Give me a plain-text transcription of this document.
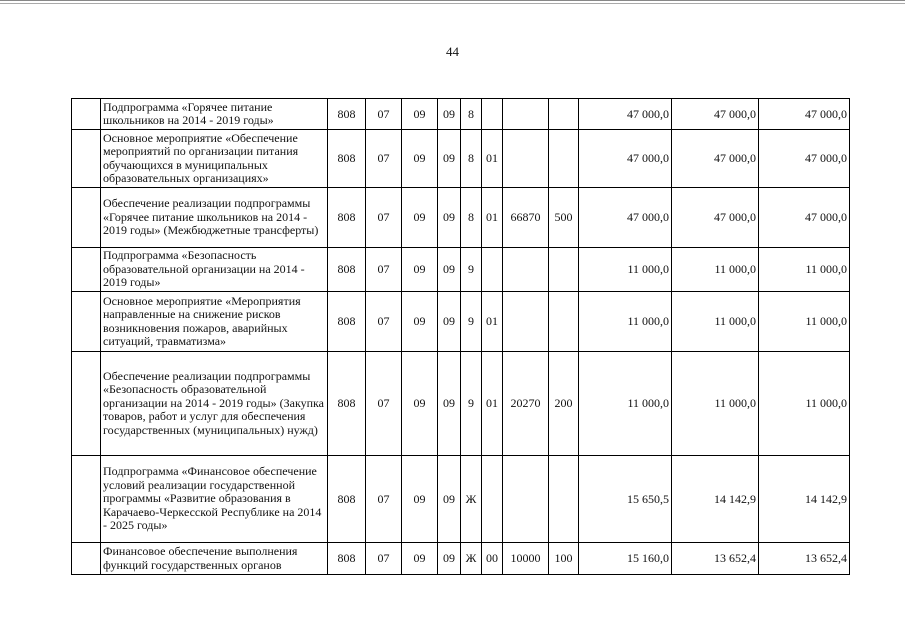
44
	Подпрограмма «Горячее питание школьников на 2014 - 2019 годы»	808	07	09	09	8				47 000,0	47 000,0	47 000,0
	Основное мероприятие «Обеспечение мероприятий по организации питания обучающихся в муниципальных образовательных организациях»	808	07	09	09	8	01			47 000,0	47 000,0	47 000,0
	Обеспечение реализации подпрограммы «Горячее питание школьников на 2014 - 2019 годы» (Межбюджетные трансферты)	808	07	09	09	8	01	66870	500	47 000,0	47 000,0	47 000,0
	Подпрограмма «Безопасность образовательной организации на 2014 - 2019 годы»	808	07	09	09	9				11 000,0	11 000,0	11 000,0
	Основное мероприятие «Мероприятия направленные на снижение рисков возникновения пожаров, аварийных ситуаций, травматизма»	808	07	09	09	9	01			11 000,0	11 000,0	11 000,0
	Обеспечение реализации подпрограммы «Безопасность образовательной организации на 2014 - 2019 годы» (Закупка товаров, работ и услуг для обеспечения государственных (муниципальных) нужд)	808	07	09	09	9	01	20270	200	11 000,0	11 000,0	11 000,0
	Подпрограмма «Финансовое обеспечение условий реализации государственной программы «Развитие образования в Карачаево-Черкесской Республике на 2014 - 2025 годы»	808	07	09	09	Ж				15 650,5	14 142,9	14 142,9
	Финансовое обеспечение выполнения функций государственных органов	808	07	09	09	Ж	00	10000	100	15 160,0	13 652,4	13 652,4
